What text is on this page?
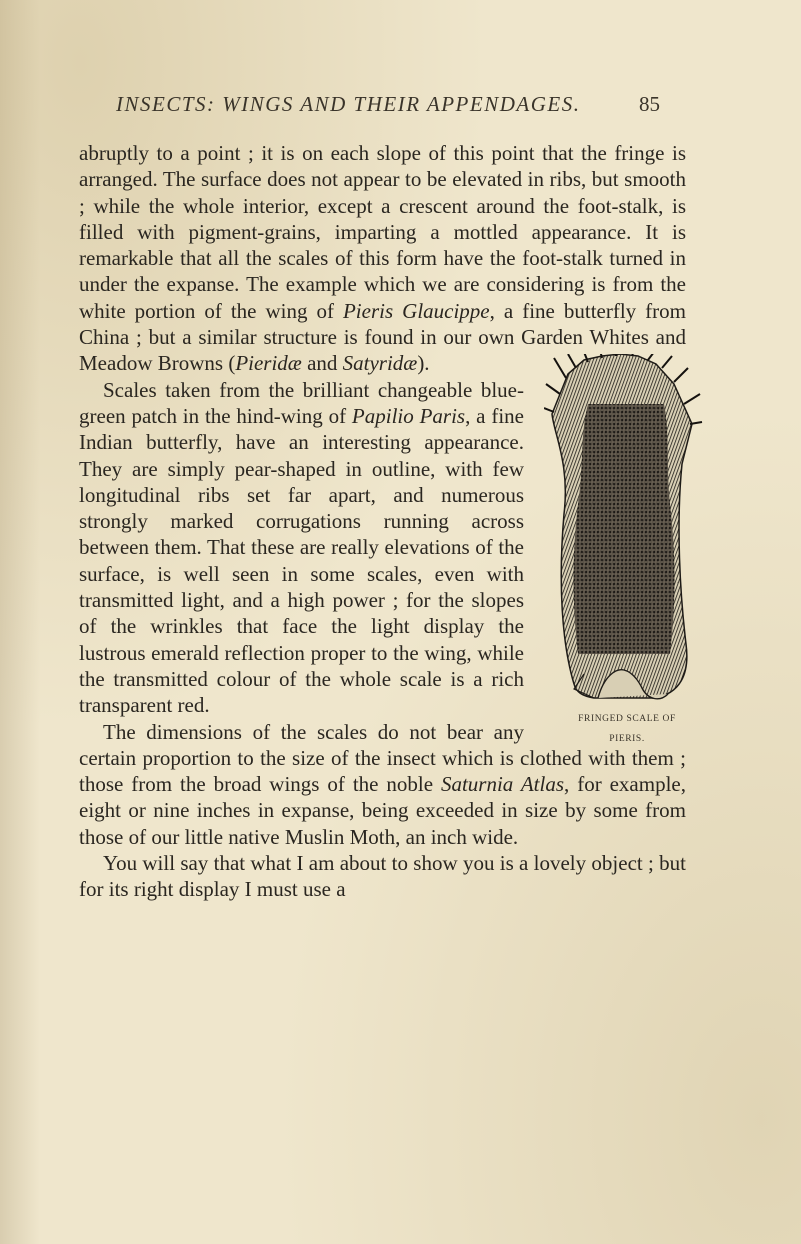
INSECTS: WINGS AND THEIR APPENDAGES.	85

abruptly to a point ; it is on each slope of this point that the fringe is arranged. The surface does not appear to be elevated in ribs, but smooth ; while the whole interior, except a crescent around the foot-stalk, is filled with pigment-grains, imparting a mottled appearance. It is remarkable that all the scales of this form have the foot-stalk turned in under the expanse. The example which we are considering is from the white portion of the wing of Pieris Glaucippe, a fine butterfly from China ; but a similar structure is found in our own Garden Whites and Meadow Browns (
FRINGED SCALE OF
PIERIS.
Pieridæ and Satyridæ).

Scales taken from the brilliant changeable blue-green patch in the hind-wing of Papilio Paris, a fine Indian butterfly, have an interesting appearance. They are simply pear-shaped in outline, with few longitudinal ribs set far apart, and numerous strongly marked corrugations running across between them. That these are really elevations of the surface, is well seen in some scales, even with transmitted light, and a high power ; for the slopes of the wrinkles that face the light display the lustrous emerald reflection proper to the wing, while the transmitted colour of the whole scale is a rich transparent red.

The dimensions of the scales do not bear any certain proportion to the size of the insect which is clothed with them ; those from the broad wings of the noble Saturnia Atlas, for example, eight or nine inches in expanse, being exceeded in size by some from those of our little native Muslin Moth, an inch wide.

You will say that what I am about to show you is a lovely object ; but for its right display I must use a
